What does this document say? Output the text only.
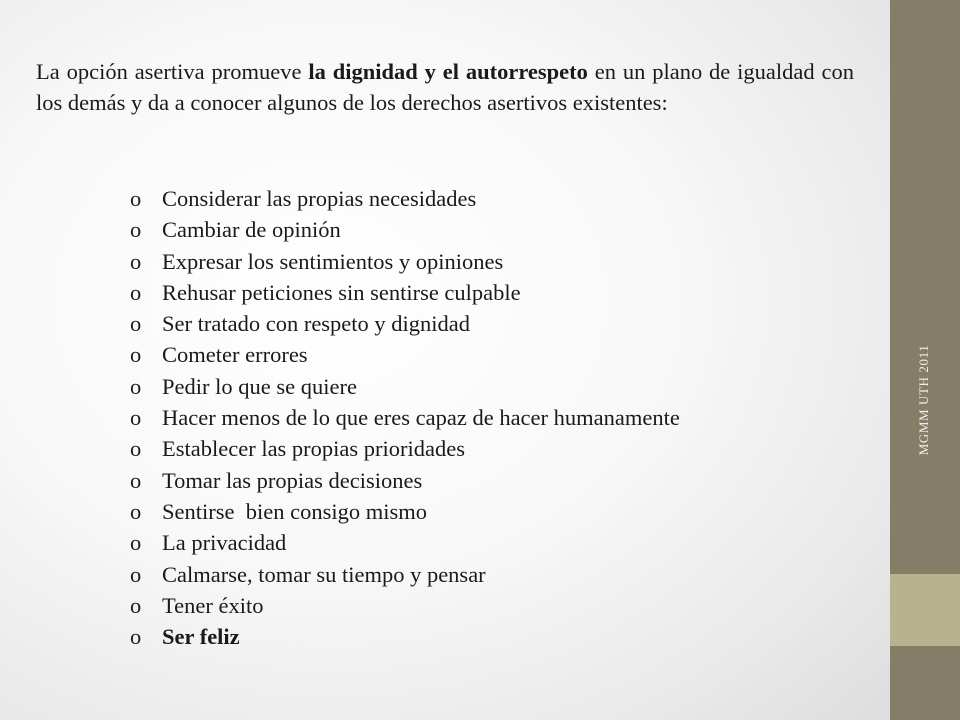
MGMM UTH 2011

La opción asertiva promueve la dignidad y el autorrespeto en un plano de igualdad con los demás y da a conocer algunos de los derechos asertivos existentes:

o Considerar las propias necesidades
o Cambiar de opinión
o Expresar los sentimientos y opiniones
o Rehusar peticiones sin sentirse culpable
o Ser tratado con respeto y dignidad
o Cometer errores
o Pedir lo que se quiere
o Hacer menos de lo que eres capaz de hacer humanamente
o Establecer las propias prioridades
o Tomar las propias decisiones
o Sentirse  bien consigo mismo
o La privacidad
o Calmarse, tomar su tiempo y pensar
o Tener éxito
o Ser feliz
